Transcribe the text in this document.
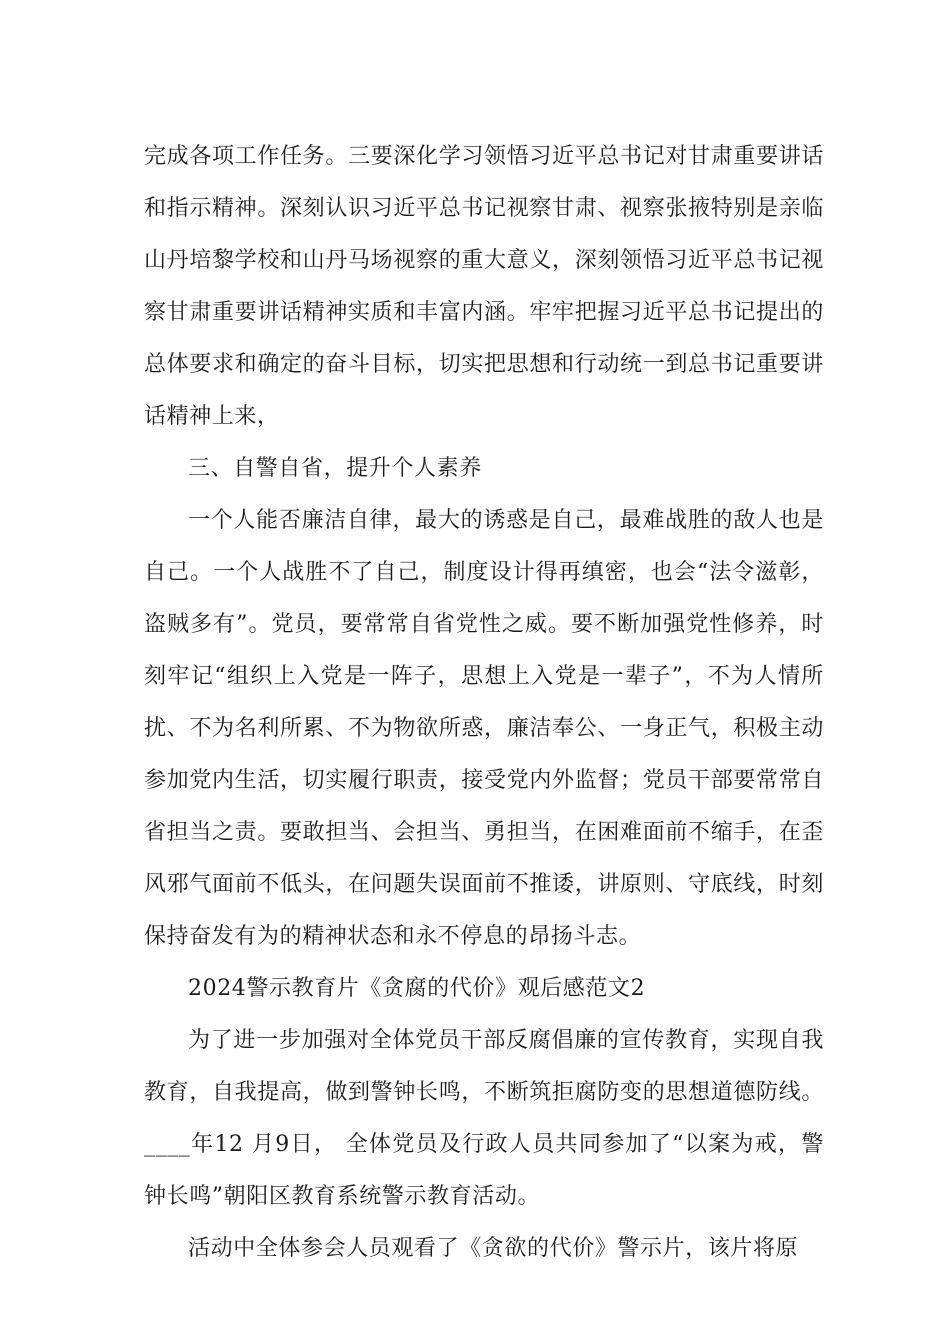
完成各项工作任务。三要深化学习领悟习近平总书记对甘肃重要讲话和指示精神。深刻认识习近平总书记视察甘肃、视察张掖特别是亲临山丹培黎学校和山丹马场视察的重大意义，深刻领悟习近平总书记视察甘肃重要讲话精神实质和丰富内涵。牢牢把握习近平总书记提出的总体要求和确定的奋斗目标，切实把思想和行动统一到总书记重要讲话精神上来，

三、自警自省，提升个人素养

一个人能否廉洁自律，最大的诱惑是自己，最难战胜的敌人也是自己。一个人战胜不了自己，制度设计得再缜密，也会“法令滋彰，盗贼多有”。党员，要常常自省党性之威。要不断加强党性修养，时刻牢记“组织上入党是一阵子，思想上入党是一辈子”，不为人情所扰、不为名利所累、不为物欲所惑，廉洁奉公、一身正气，积极主动参加党内生活，切实履行职责，接受党内外监督；党员干部要常常自省担当之责。要敢担当、会担当、勇担当，在困难面前不缩手，在歪风邪气面前不低头，在问题失误面前不推诿，讲原则、守底线，时刻保持奋发有为的精神状态和永不停息的昂扬斗志。

2024警示教育片《贪腐的代价》观后感范文2

为了进一步加强对全体党员干部反腐倡廉的宣传教育，实现自我教育，自我提高，做到警钟长鸣，不断筑拒腐防变的思想道德防线。____年12 月9日， 全体党员及行政人员共同参加了“以案为戒，警钟长鸣”朝阳区教育系统警示教育活动。

活动中全体参会人员观看了《贪欲的代价》警示片，该片将原
